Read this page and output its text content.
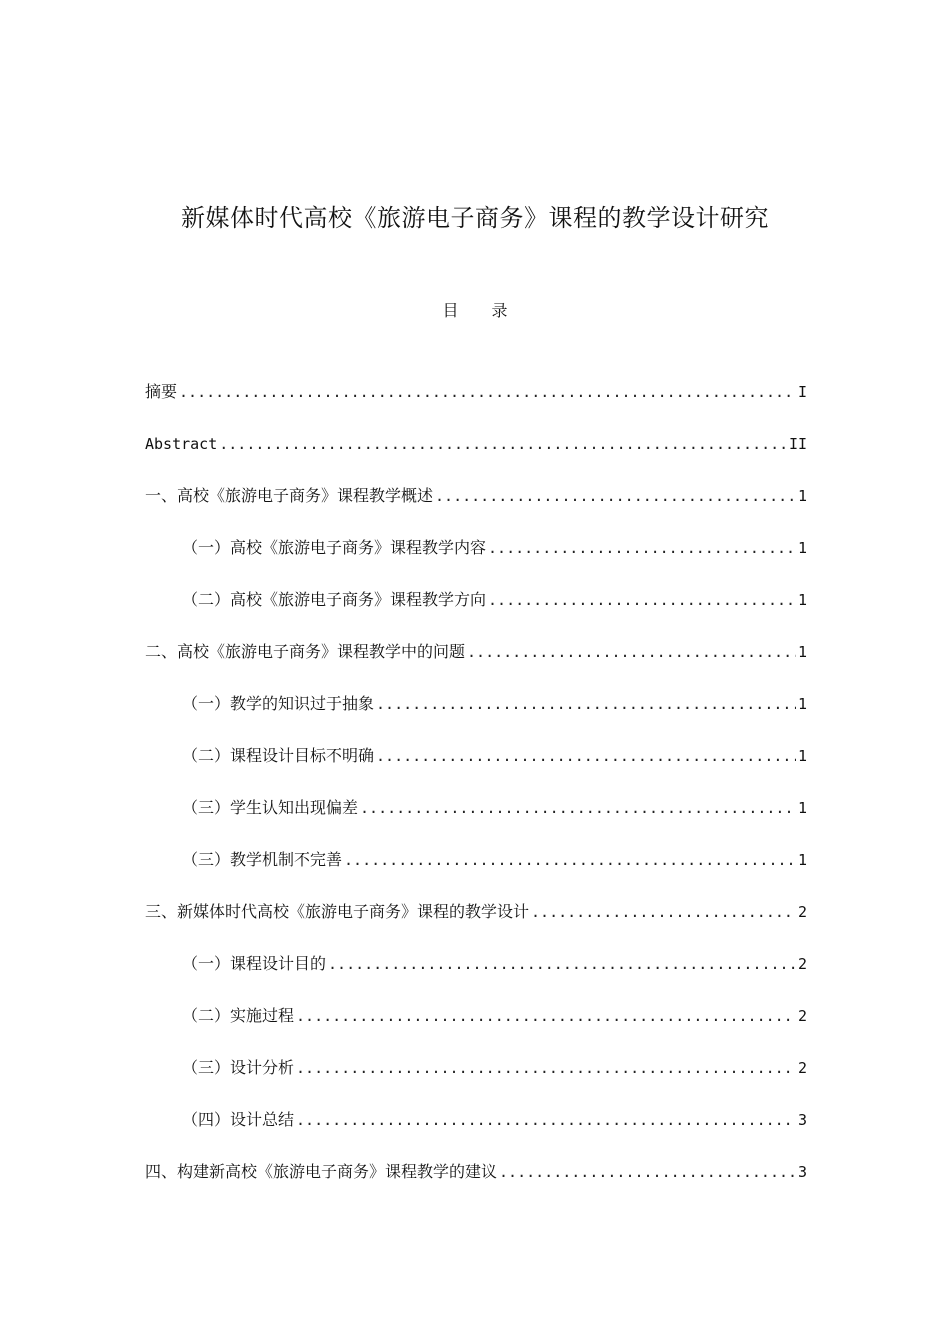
新媒体时代高校《旅游电子商务》课程的教学设计研究
目 录
摘要 .....	I
Abstract .....	II
一、高校《旅游电子商务》课程教学概述 .....	1
（一）高校《旅游电子商务》课程教学内容 .....	1
（二）高校《旅游电子商务》课程教学方向 .....	1
二、高校《旅游电子商务》课程教学中的问题 .....	1
（一）教学的知识过于抽象 .....	1
（二）课程设计目标不明确 .....	1
（三）学生认知出现偏差 .....	1
（三）教学机制不完善 .....	1
三、新媒体时代高校《旅游电子商务》课程的教学设计 .....	2
（一）课程设计目的 .....	2
（二）实施过程 .....	2
（三）设计分析 .....	2
（四）设计总结 .....	3
四、构建新高校《旅游电子商务》课程教学的建议 .....	3
